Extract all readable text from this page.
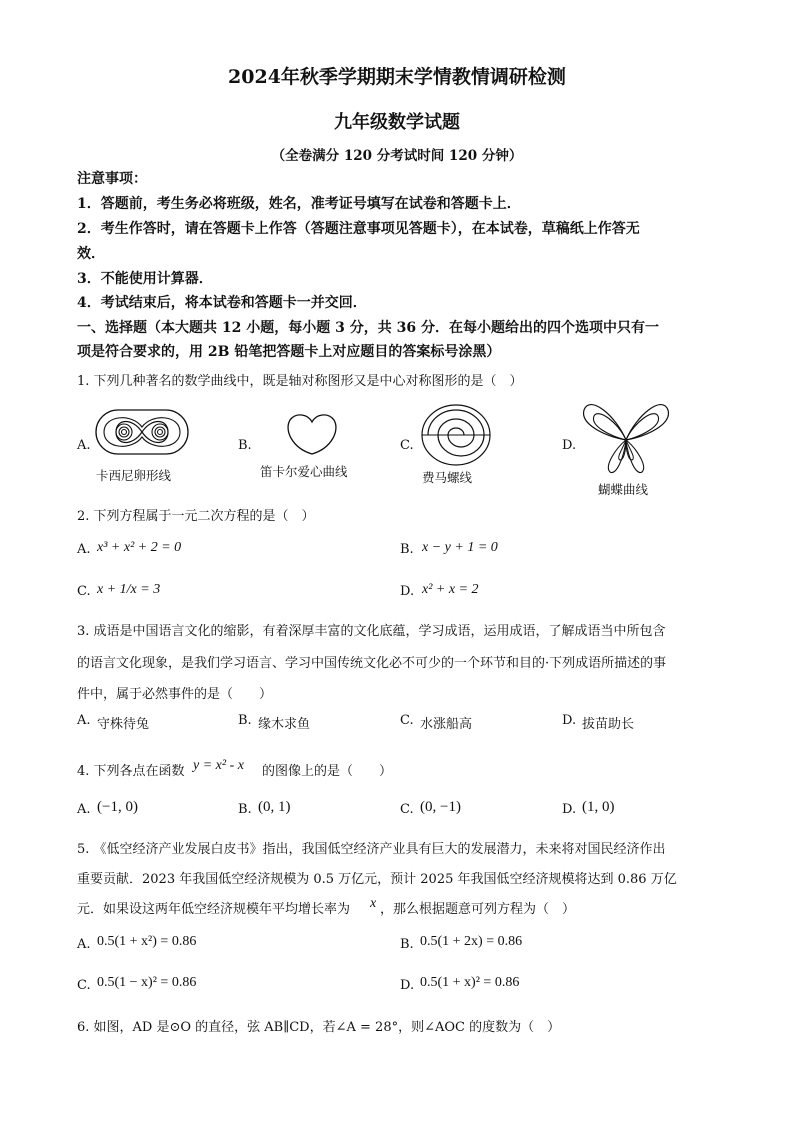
2024年秋季学期期末学情教情调研检测
九年级数学试题
（全卷满分 120 分考试时间 120 分钟）
注意事项：
1．答题前，考生务必将班级，姓名，准考证号填写在试卷和答题卡上．
2．考生作答时，请在答题卡上作答（答题注意事项见答题卡），在本试卷，草稿纸上作答无
效．
3．不能使用计算器．
4．考试结束后，将本试卷和答题卡一并交回．
一、选择题（本大题共 12 小题，每小题 3 分，共 36 分．在每小题给出的四个选项中只有一
项是符合要求的，用 2B 铅笔把答题卡上对应题目的答案标号涂黑）
1. 下列几种著名的数学曲线中，既是轴对称图形又是中心对称图形的是（　）
A.
卡西尼卵形线
B.
笛卡尔爱心曲线
C.
费马螺线
D.
蝴蝶曲线
2. 下列方程属于一元二次方程的是（　）
A. x³ + x² + 2 = 0	B. x − y + 1 = 0
C. x + 1/x = 3	D. x² + x = 2
3. 成语是中国语言文化的缩影，有着深厚丰富的文化底蕴，学习成语，运用成语，了解成语当中所包含
的语言文化现象，是我们学习语言、学习中国传统文化必不可少的一个环节和目的·下列成语所描述的事
件中，属于必然事件的是（　　）
A. 守株待兔	B. 缘木求鱼	C. 水涨船高	D. 拔苗助长
4. 下列各点在函数 y = x² - x 的图像上的是（　　）
A. (−1, 0)	B. (0, 1)	C. (0, −1)	D. (1, 0)
5. 《低空经济产业发展白皮书》指出，我国低空经济产业具有巨大的发展潜力，未来将对国民经济作出
重要贡献．2023 年我国低空经济规模为 0.5 万亿元，预计 2025 年我国低空经济规模将达到 0.86 万亿
元．如果设这两年低空经济规模年平均增长率为 x ，那么根据题意可列方程为（　）
A. 0.5(1 + x²) = 0.86	B. 0.5(1 + 2x) = 0.86
C. 0.5(1 − x)² = 0.86	D. 0.5(1 + x)² = 0.86
6. 如图，AD 是⊙O 的直径，弦 AB∥CD，若∠A = 28°，则∠AOC 的度数为（　）
